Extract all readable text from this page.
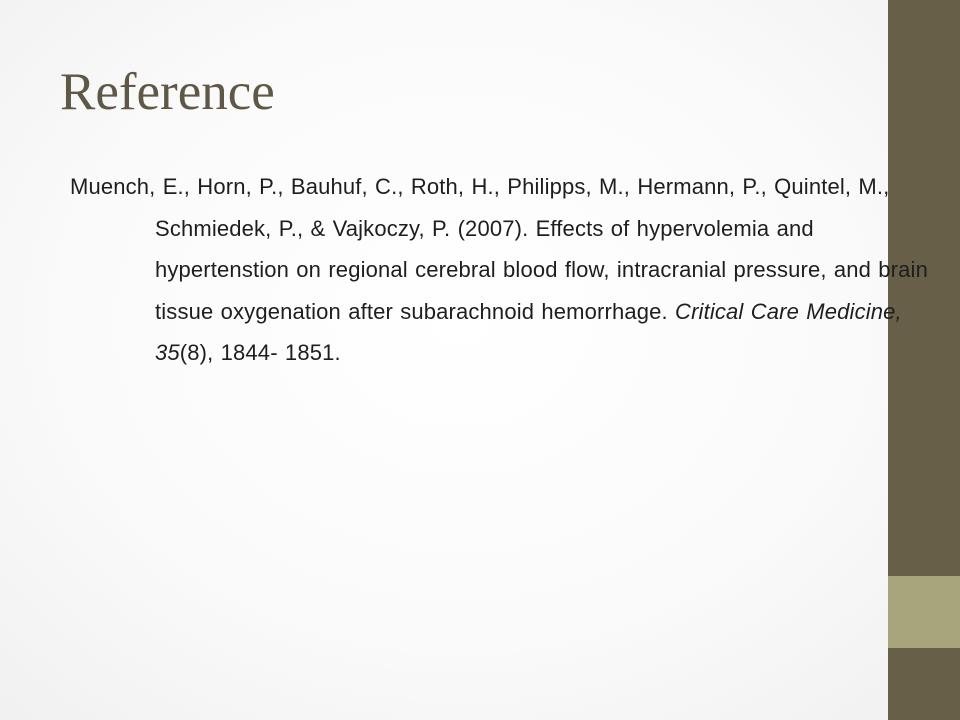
Reference

Muench, E., Horn, P., Bauhuf, C., Roth, H., Philipps, M., Hermann, P., Quintel, M., Schmiedek, P., & Vajkoczy, P. (2007). Effects of hypervolemia and hypertenstion on regional cerebral blood flow, intracranial pressure, and brain tissue oxygenation after subarachnoid hemorrhage. Critical Care Medicine, 35(8), 1844- 1851.
